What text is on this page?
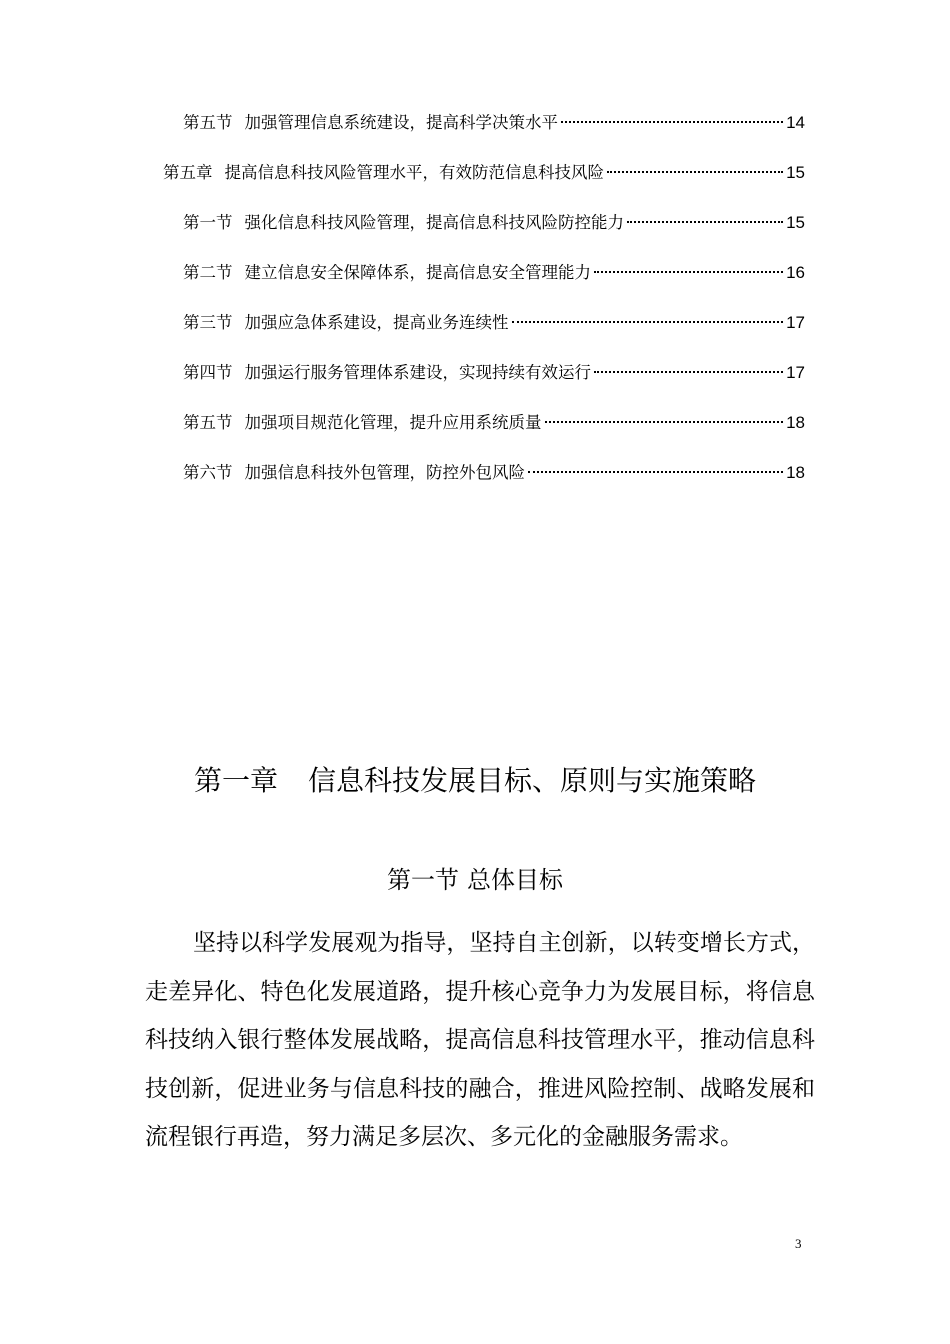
第五节 加强管理信息系统建设，提高科学决策水平	14
第五章 提高信息科技风险管理水平，有效防范信息科技风险	15
第一节 强化信息科技风险管理，提高信息科技风险防控能力	15
第二节 建立信息安全保障体系，提高信息安全管理能力	16
第三节 加强应急体系建设，提高业务连续性	17
第四节 加强运行服务管理体系建设，实现持续有效运行	17
第五节 加强项目规范化管理，提升应用系统质量	18
第六节 加强信息科技外包管理，防控外包风险	18
第一章 信息科技发展目标、原则与实施策略
第一节 总体目标

坚持以科学发展观为指导，坚持自主创新，以转变增长方式，走差异化、特色化发展道路，提升核心竞争力为发展目标，将信息科技纳入银行整体发展战略，提高信息科技管理水平，推动信息科技创新，促进业务与信息科技的融合，推进风险控制、战略发展和流程银行再造，努力满足多层次、多元化的金融服务需求。

3
